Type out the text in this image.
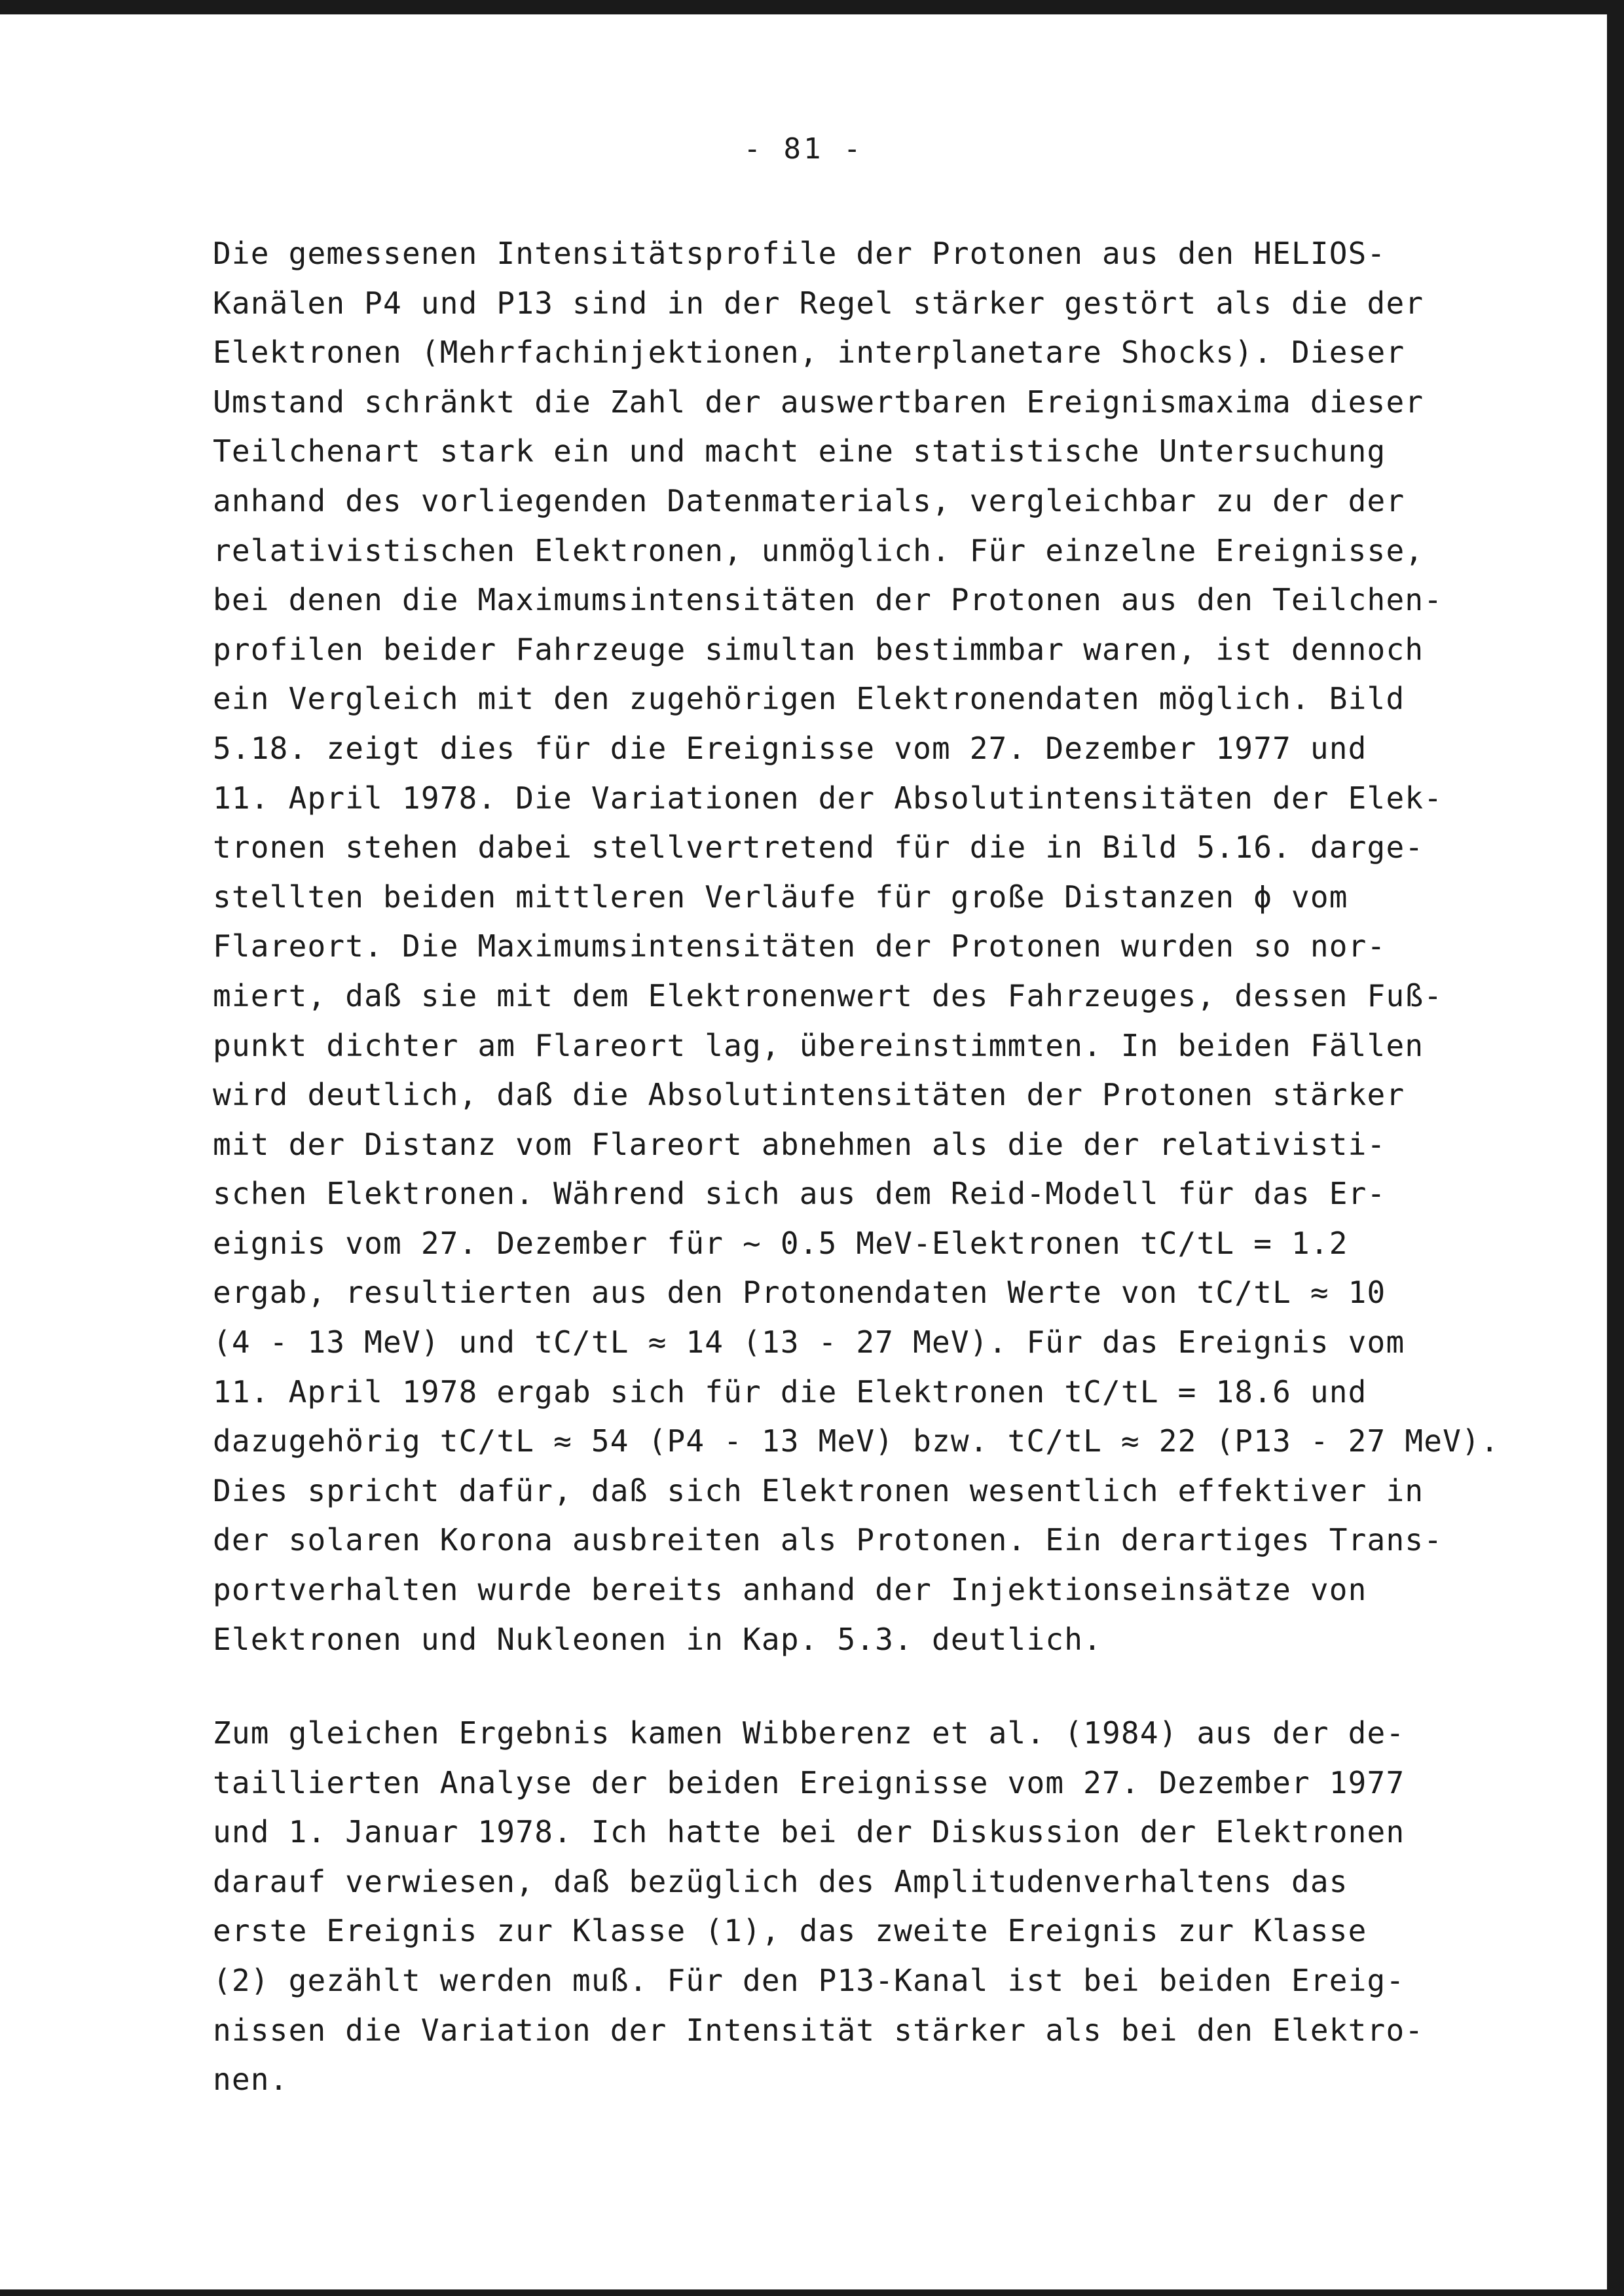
- 81 -
Die gemessenen Intensitätsprofile der Protonen aus den HELIOS-
Kanälen P4 und P13 sind in der Regel stärker gestört als die der
Elektronen (Mehrfachinjektionen, interplanetare Shocks). Dieser
Umstand schränkt die Zahl der auswertbaren Ereignismaxima dieser
Teilchenart stark ein und macht eine statistische Untersuchung
anhand des vorliegenden Datenmaterials, vergleichbar zu der der
relativistischen Elektronen, unmöglich. Für einzelne Ereignisse,
bei denen die Maximumsintensitäten der Protonen aus den Teilchen-
profilen beider Fahrzeuge simultan bestimmbar waren, ist dennoch
ein Vergleich mit den zugehörigen Elektronendaten möglich. Bild
5.18. zeigt dies für die Ereignisse vom 27. Dezember 1977 und
11. April 1978. Die Variationen der Absolutintensitäten der Elek-
tronen stehen dabei stellvertretend für die in Bild 5.16. darge-
stellten beiden mittleren Verläufe für große Distanzen ϕ vom
Flareort. Die Maximumsintensitäten der Protonen wurden so nor-
miert, daß sie mit dem Elektronenwert des Fahrzeuges, dessen Fuß-
punkt dichter am Flareort lag, übereinstimmten. In beiden Fällen
wird deutlich, daß die Absolutintensitäten der Protonen stärker
mit der Distanz vom Flareort abnehmen als die der relativisti-
schen Elektronen. Während sich aus dem Reid-Modell für das Er-
eignis vom 27. Dezember für ~ 0.5 MeV-Elektronen tC/tL = 1.2
ergab, resultierten aus den Protonendaten Werte von tC/tL ≈ 10
(4 - 13 MeV) und tC/tL ≈ 14 (13 - 27 MeV). Für das Ereignis vom
11. April 1978 ergab sich für die Elektronen tC/tL = 18.6 und
dazugehörig tC/tL ≈ 54 (P4 - 13 MeV) bzw. tC/tL ≈ 22 (P13 - 27 MeV).
Dies spricht dafür, daß sich Elektronen wesentlich effektiver in
der solaren Korona ausbreiten als Protonen. Ein derartiges Trans-
portverhalten wurde bereits anhand der Injektionseinsätze von
Elektronen und Nukleonen in Kap. 5.3. deutlich.
Zum gleichen Ergebnis kamen Wibberenz et al. (1984) aus der de-
taillierten Analyse der beiden Ereignisse vom 27. Dezember 1977
und 1. Januar 1978. Ich hatte bei der Diskussion der Elektronen
darauf verwiesen, daß bezüglich des Amplitudenverhaltens das
erste Ereignis zur Klasse (1), das zweite Ereignis zur Klasse
(2) gezählt werden muß. Für den P13-Kanal ist bei beiden Ereig-
nissen die Variation der Intensität stärker als bei den Elektro-
nen.
